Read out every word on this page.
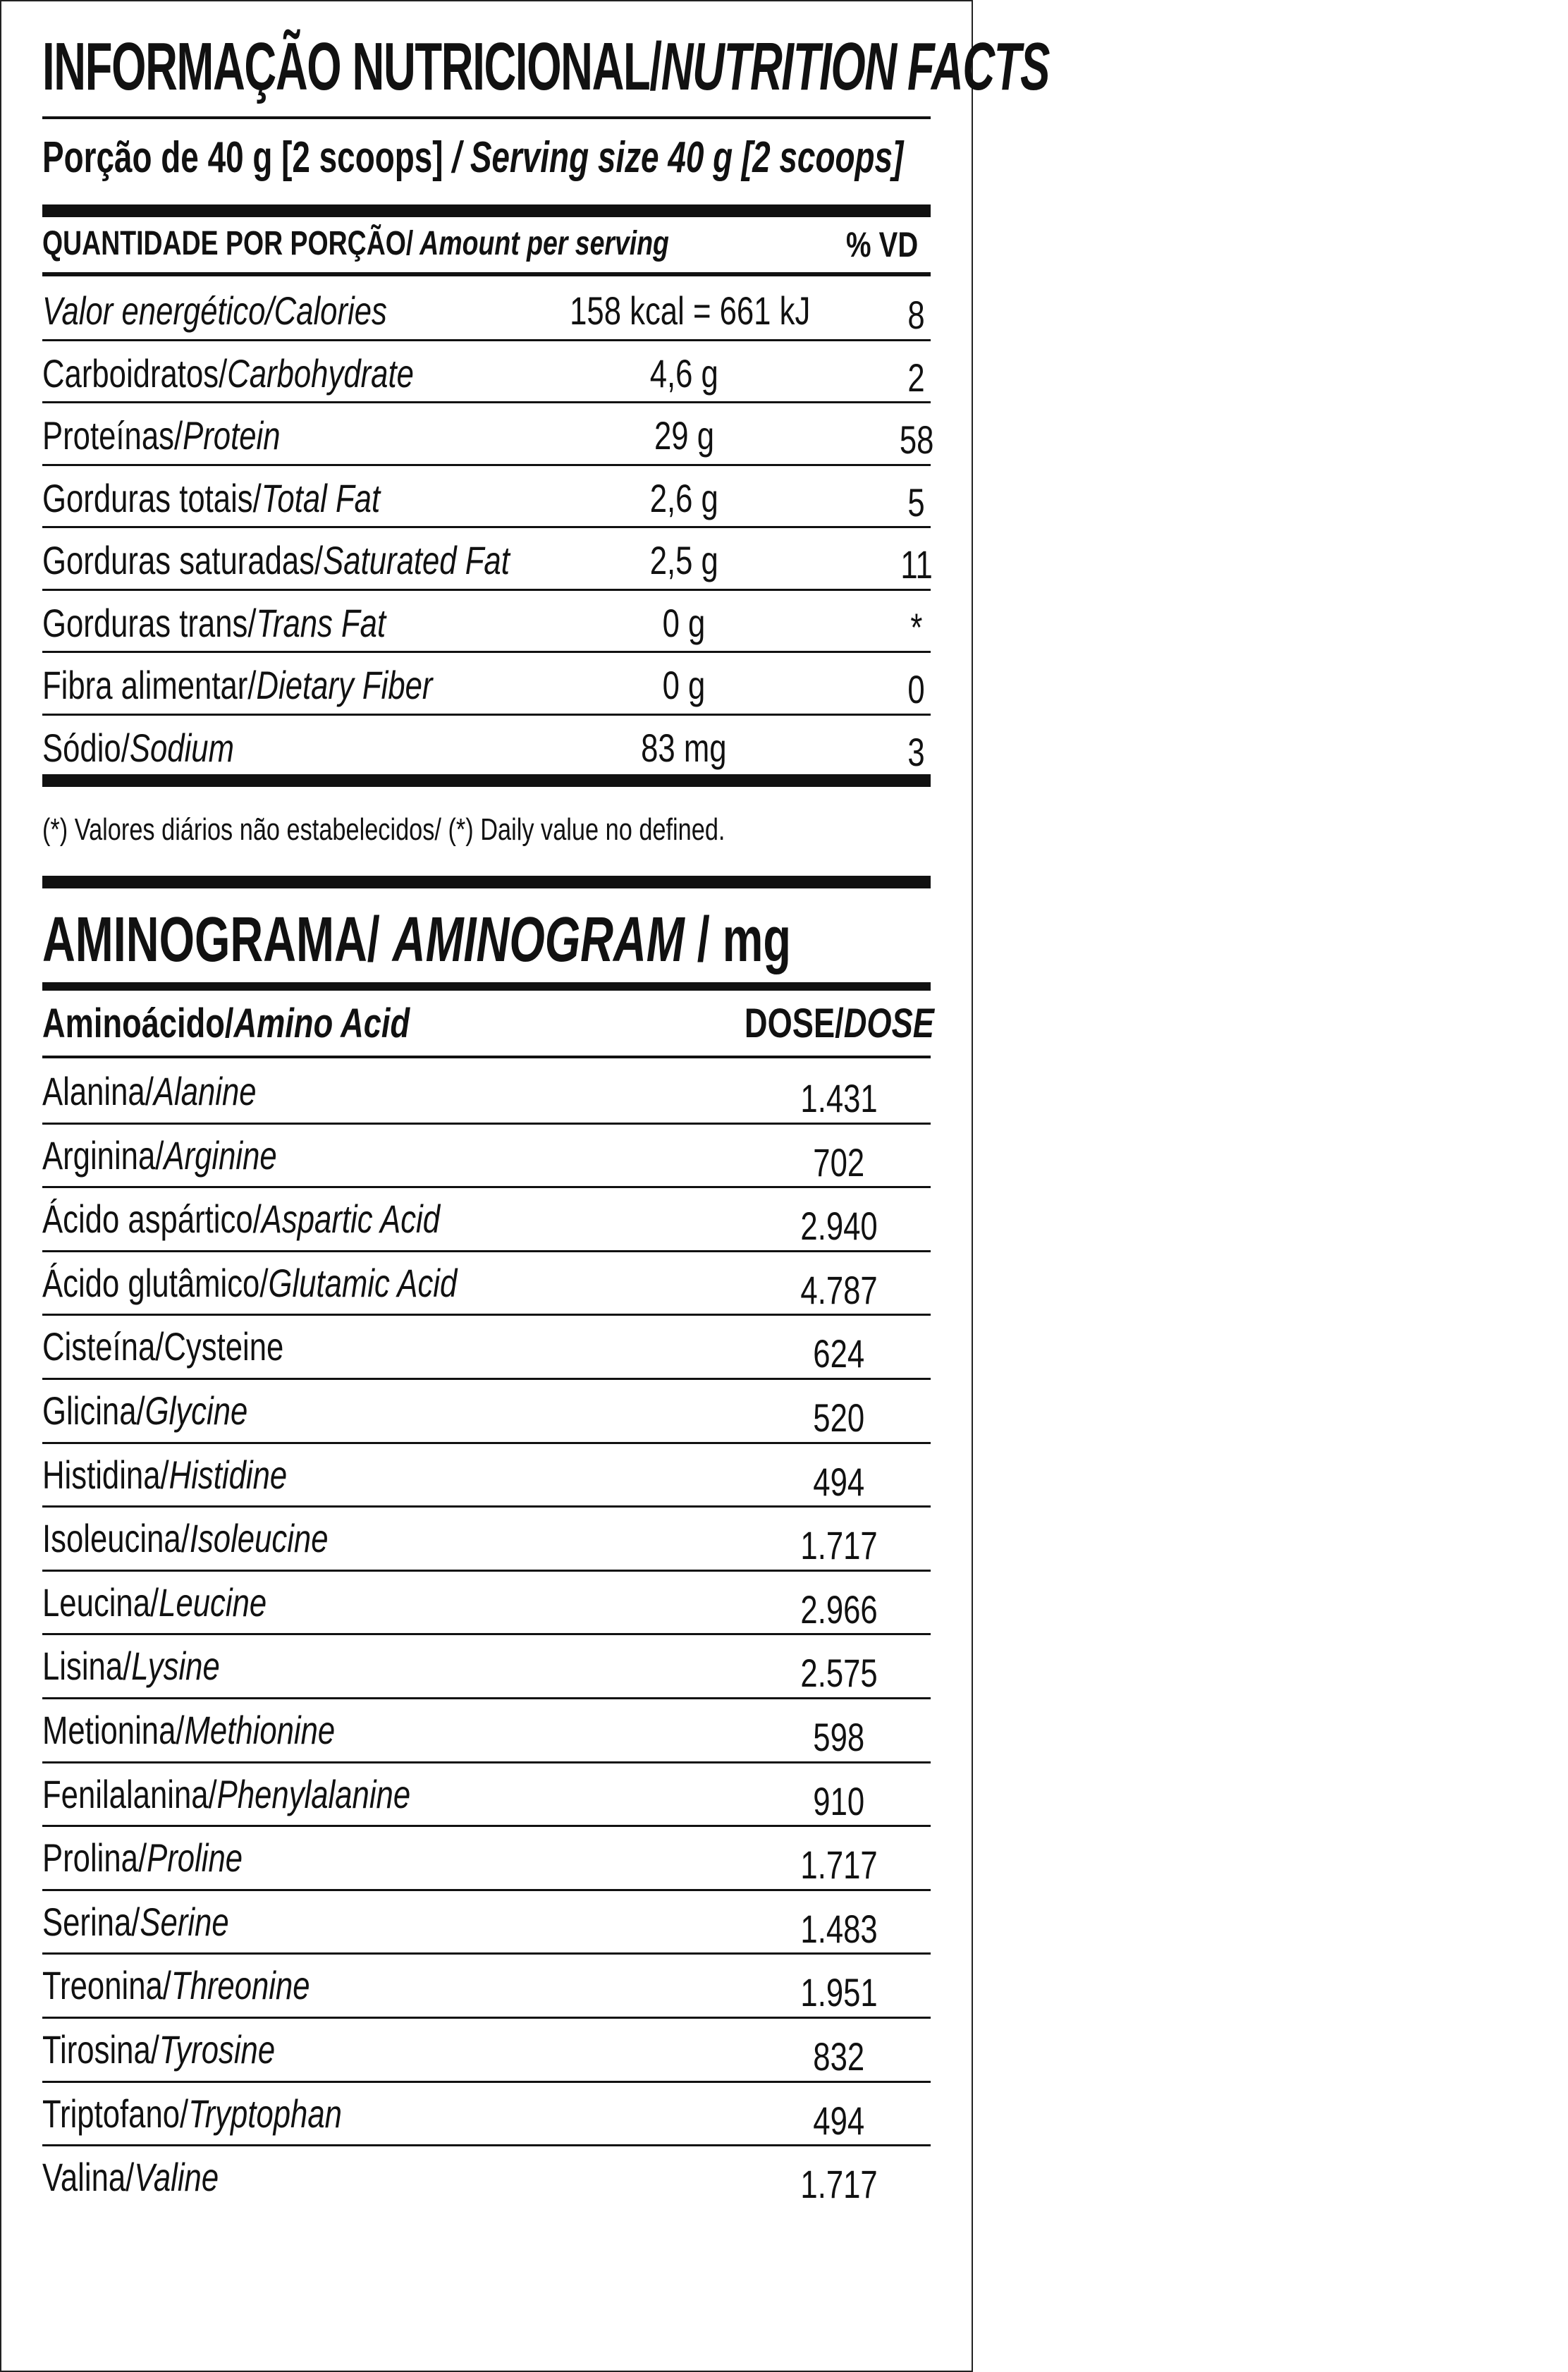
INFORMAÇÃO NUTRICIONAL/NUTRITION FACTS
Porção de 40 g [2 scoops] / Serving size 40 g [2 scoops]
QUANTIDADE POR PORÇÃO/ Amount per serving	% VD
Valor energético/Calories	158 kcal = 661 kJ	8
Carboidratos/Carbohydrate	4,6 g	2
Proteínas/Protein	29 g	58
Gorduras totais/Total Fat	2,6 g	5
Gorduras saturadas/Saturated Fat	2,5 g	11
Gorduras trans/Trans Fat	0 g	*
Fibra alimentar/Dietary Fiber	0 g	0
Sódio/Sodium	83 mg	3
(*) Valores diários não estabelecidos/ (*) Daily value no defined.
AMINOGRAMA/ AMINOGRAM / mg
Aminoácido/Amino Acid	DOSE/DOSE
Alanina/Alanine	1.431
Arginina/Arginine	702
Ácido aspártico/Aspartic Acid	2.940
Ácido glutâmico/Glutamic Acid	4.787
Cisteína/Cysteine	624
Glicina/Glycine	520
Histidina/Histidine	494
Isoleucina/Isoleucine	1.717
Leucina/Leucine	2.966
Lisina/Lysine	2.575
Metionina/Methionine	598
Fenilalanina/Phenylalanine	910
Prolina/Proline	1.717
Serina/Serine	1.483
Treonina/Threonine	1.951
Tirosina/Tyrosine	832
Triptofano/Tryptophan	494
Valina/Valine	1.717
